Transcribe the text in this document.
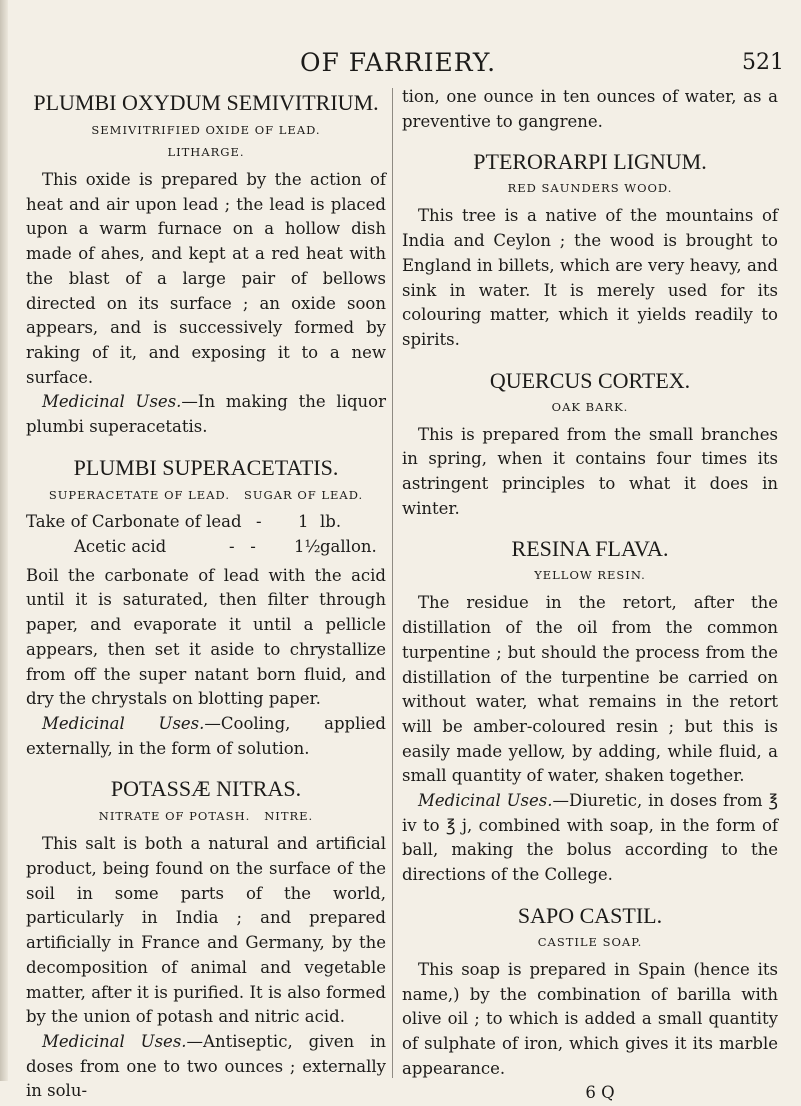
OF FARRIERY.	521
PLUMBI OXYDUM SEMIVITRIUM.
SEMIVITRIFIED OXIDE OF LEAD.
LITHARGE.

This oxide is prepared by the action of heat and air upon lead ; the lead is placed upon a warm furnace on a hollow dish made of ahes, and kept at a red heat with the blast of a large pair of bellows directed on its surface ; an oxide soon appears, and is successively formed by raking of it, and exposing it to a new surface.

Medicinal Uses.—In making the liquor plumbi superacetatis.

PLUMBI SUPERACETATIS.
SUPERACETATE OF LEAD.   SUGAR OF LEAD.
Take of Carbonate of lead - 1 lb.
Acetic acid	-   - 1½ gallon.

Boil the carbonate of lead with the acid until it is saturated, then filter through paper, and evaporate it until a pellicle appears, then set it aside to chrystallize from off the super natant born fluid, and dry the chrystals on blotting paper.

Medicinal Uses.—Cooling, applied externally, in the form of solution.

POTASSÆ NITRAS.
NITRATE OF POTASH.   NITRE.

This salt is both a natural and artificial product, being found on the surface of the soil in some parts of the world, particularly in India ; and prepared artificially in France and Germany, by the decomposition of animal and vegetable matter, after it is purified. It is also formed by the union of potash and nitric acid.

Medicinal Uses.—Antiseptic, given in doses from one to two ounces ; externally in solu-

tion, one ounce in ten ounces of water, as a preventive to gangrene.

PTERORARPI LIGNUM.
RED SAUNDERS WOOD.

This tree is a native of the mountains of India and Ceylon ; the wood is brought to England in billets, which are very heavy, and sink in water. It is merely used for its colouring matter, which it yields readily to spirits.

QUERCUS CORTEX.
OAK BARK.

This is prepared from the small branches in spring, when it contains four times its astringent principles to what it does in winter.

RESINA FLAVA.
YELLOW RESIN.

The residue in the retort, after the distillation of the oil from the common turpentine ; but should the process from the distillation of the turpentine be carried on without water, what remains in the retort will be amber-coloured resin ; but this is easily made yellow, by adding, while fluid, a small quantity of water, shaken together.

Medicinal Uses.—Diuretic, in doses from ℥ iv to ℥ j, combined with soap, in the form of ball, making the bolus according to the directions of the College.

SAPO CASTIL.
CASTILE SOAP.

This soap is prepared in Spain (hence its name,) by the combination of barilla with olive oil ; to which is added a small quantity of sulphate of iron, which gives it its marble appearance.

6 Q
